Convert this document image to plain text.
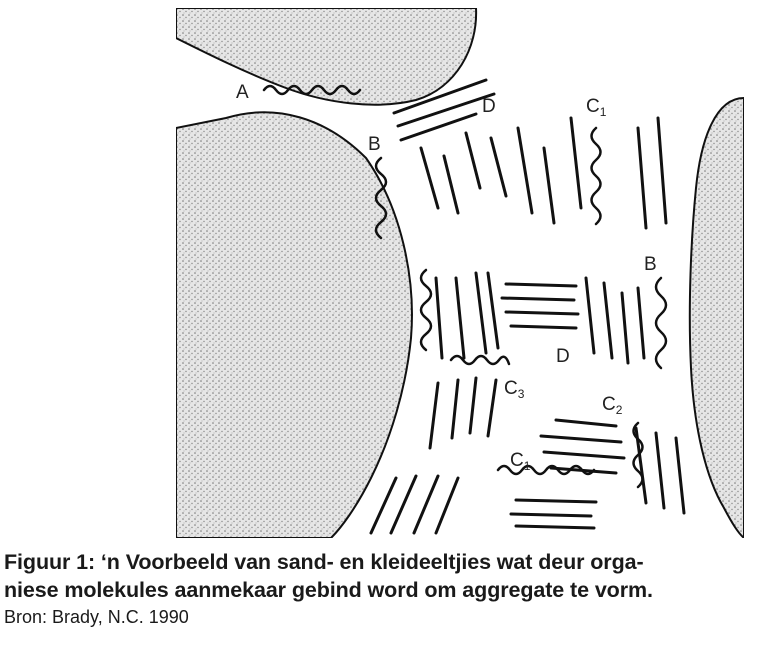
A
B
B
D
D
$C_1$
$C_3$	$C_2$
$C_1$
Figuur 1: ‘n Voorbeeld van sand- en kleideeltjies wat deur orga-
niese molekules aanmekaar gebind word om aggregate te vorm.
Bron: Brady, N.C. 1990
